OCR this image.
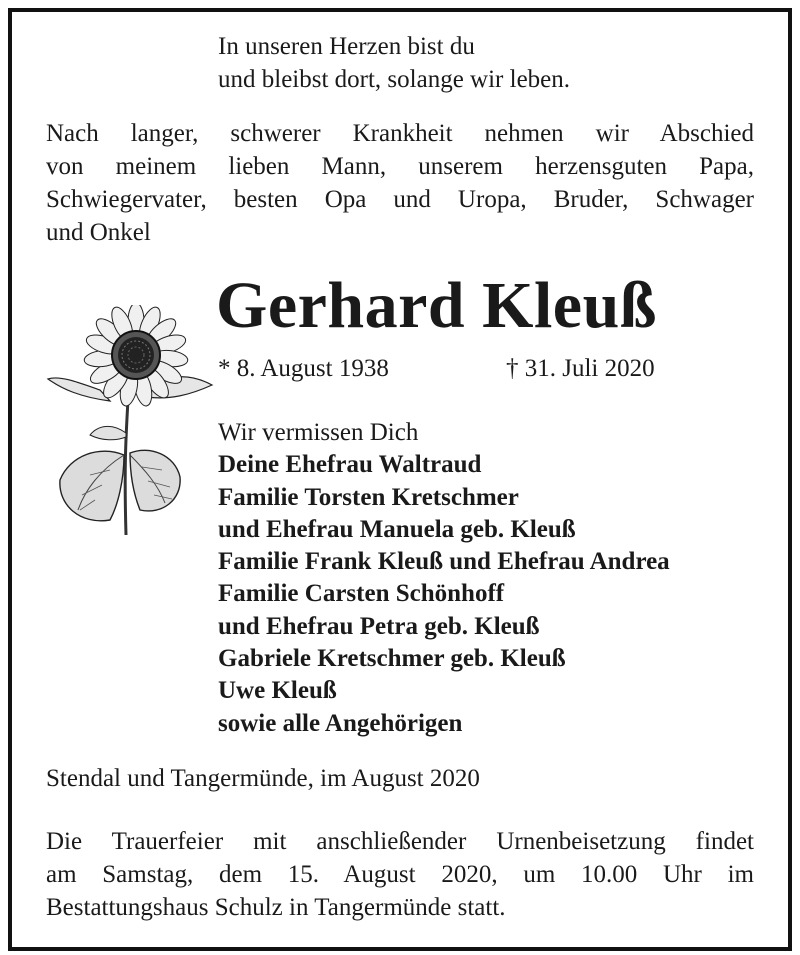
In unseren Herzen bist du
und bleibst dort, solange wir leben.
Nach langer, schwerer Krankheit nehmen wir Abschied
von meinem lieben Mann, unserem herzensguten Papa,
Schwiegervater, besten Opa und Uropa, Bruder, Schwager
und Onkel
Gerhard Kleuß
* 8. August 1938	† 31. Juli 2020
Wir vermissen Dich
Deine Ehefrau Waltraud
Familie Torsten Kretschmer
und Ehefrau Manuela geb. Kleuß
Familie Frank Kleuß und Ehefrau Andrea
Familie Carsten Schönhoff
und Ehefrau Petra geb. Kleuß
Gabriele Kretschmer geb. Kleuß
Uwe Kleuß
sowie alle Angehörigen
Stendal und Tangermünde, im August 2020
Die Trauerfeier mit anschließender Urnenbeisetzung findet
am Samstag, dem 15. August 2020, um 10.00 Uhr im
Bestattungshaus Schulz in Tangermünde statt.
